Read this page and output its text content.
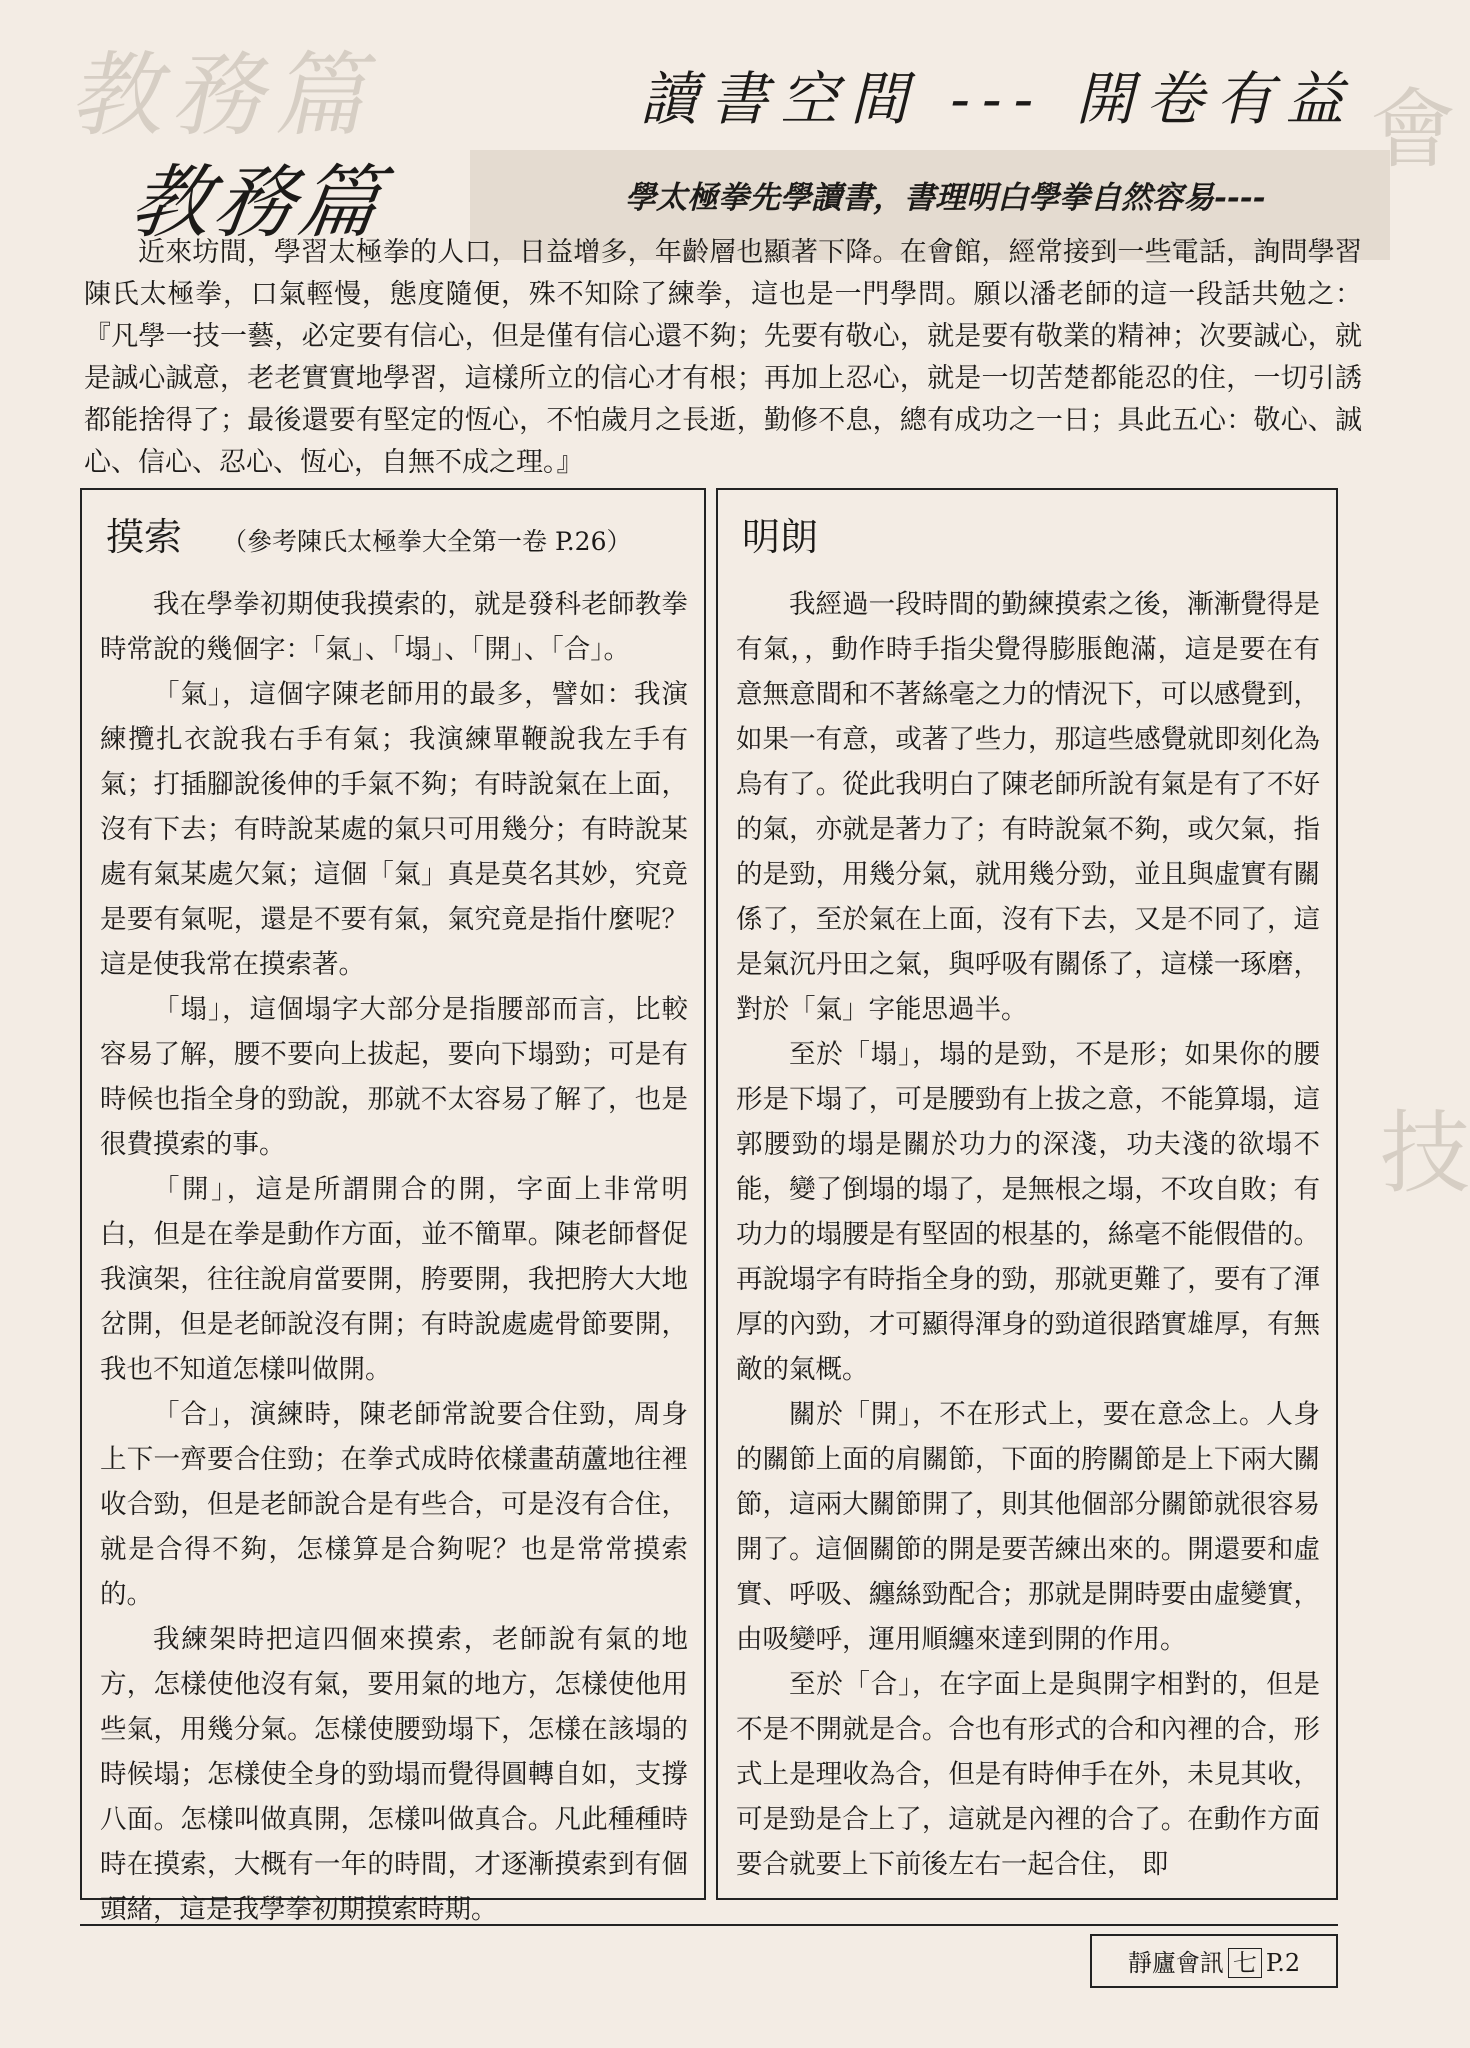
教務篇	會
技
讀書空間 --- 開卷有益
教務篇	學太極拳先學讀書，書理明白學拳自然容易----
近來坊間，學習太極拳的人口，日益增多，年齡層也顯著下降。在會館，經常接到一些電話，詢問學習陳氏太極拳，口氣輕慢，態度隨便，殊不知除了練拳，這也是一門學問。願以潘老師的這一段話共勉之：『凡學一技一藝，必定要有信心，但是僅有信心還不夠；先要有敬心，就是要有敬業的精神；次要誠心，就是誠心誠意，老老實實地學習，這樣所立的信心才有根；再加上忍心，就是一切苦楚都能忍的住，一切引誘都能捨得了；最後還要有堅定的恆心，不怕歲月之長逝，勤修不息，總有成功之一日；具此五心：敬心、誠心、信心、忍心、恆心，自無不成之理。』
摸索 （參考陳氏太極拳大全第一卷 P.26）

我在學拳初期使我摸索的，就是發科老師教拳時常說的幾個字：「氣」、「塌」、「開」、「合」。

「氣」，這個字陳老師用的最多，譬如：我演練攬扎衣說我右手有氣；我演練單鞭說我左手有氣；打插腳說後伸的手氣不夠；有時說氣在上面，沒有下去；有時說某處的氣只可用幾分；有時說某處有氣某處欠氣；這個「氣」真是莫名其妙，究竟是要有氣呢，還是不要有氣，氣究竟是指什麼呢？這是使我常在摸索著。

「塌」，這個塌字大部分是指腰部而言，比較容易了解，腰不要向上拔起，要向下塌勁；可是有時候也指全身的勁說，那就不太容易了解了，也是很費摸索的事。

「開」，這是所謂開合的開，字面上非常明白，但是在拳是動作方面，並不簡單。陳老師督促我演架，往往說肩當要開，胯要開，我把胯大大地岔開，但是老師說沒有開；有時說處處骨節要開，我也不知道怎樣叫做開。

「合」，演練時，陳老師常說要合住勁，周身上下一齊要合住勁；在拳式成時依樣畫葫蘆地往裡收合勁，但是老師說合是有些合，可是沒有合住，就是合得不夠，怎樣算是合夠呢？也是常常摸索的。

我練架時把這四個來摸索，老師說有氣的地方，怎樣使他沒有氣，要用氣的地方，怎樣使他用些氣，用幾分氣。怎樣使腰勁塌下，怎樣在該塌的時候塌；怎樣使全身的勁塌而覺得圓轉自如，支撐八面。怎樣叫做真開，怎樣叫做真合。凡此種種時時在摸索，大概有一年的時間，才逐漸摸索到有個頭緒，這是我學拳初期摸索時期。

明朗

我經過一段時間的勤練摸索之後，漸漸覺得是有氣，，動作時手指尖覺得膨脹飽滿，這是要在有意無意間和不著絲毫之力的情況下，可以感覺到，如果一有意，或著了些力，那這些感覺就即刻化為烏有了。從此我明白了陳老師所說有氣是有了不好的氣，亦就是著力了；有時說氣不夠，或欠氣，指的是勁，用幾分氣，就用幾分勁，並且與虛實有關係了，至於氣在上面，沒有下去，又是不同了，這是氣沉丹田之氣，與呼吸有關係了，這樣一琢磨，對於「氣」字能思過半。

至於「塌」，塌的是勁，不是形；如果你的腰形是下塌了，可是腰勁有上拔之意，不能算塌，這郭腰勁的塌是關於功力的深淺，功夫淺的欲塌不能，變了倒塌的塌了，是無根之塌，不攻自敗；有功力的塌腰是有堅固的根基的，絲毫不能假借的。再說塌字有時指全身的勁，那就更難了，要有了渾厚的內勁，才可顯得渾身的勁道很踏實雄厚，有無敵的氣概。

關於「開」，不在形式上，要在意念上。人身的關節上面的肩關節，下面的胯關節是上下兩大關節，這兩大關節開了，則其他個部分關節就很容易開了。這個關節的開是要苦練出來的。開還要和虛實、呼吸、纏絲勁配合；那就是開時要由虛變實，由吸變呼，運用順纏來達到開的作用。

至於「合」，在字面上是與開字相對的，但是不是不開就是合。合也有形式的合和內裡的合，形式上是理收為合，但是有時伸手在外，未見其收，可是勁是合上了，這就是內裡的合了。在動作方面要合就要上下前後左右一起合住， 即

靜廬會訊 七 P.2
